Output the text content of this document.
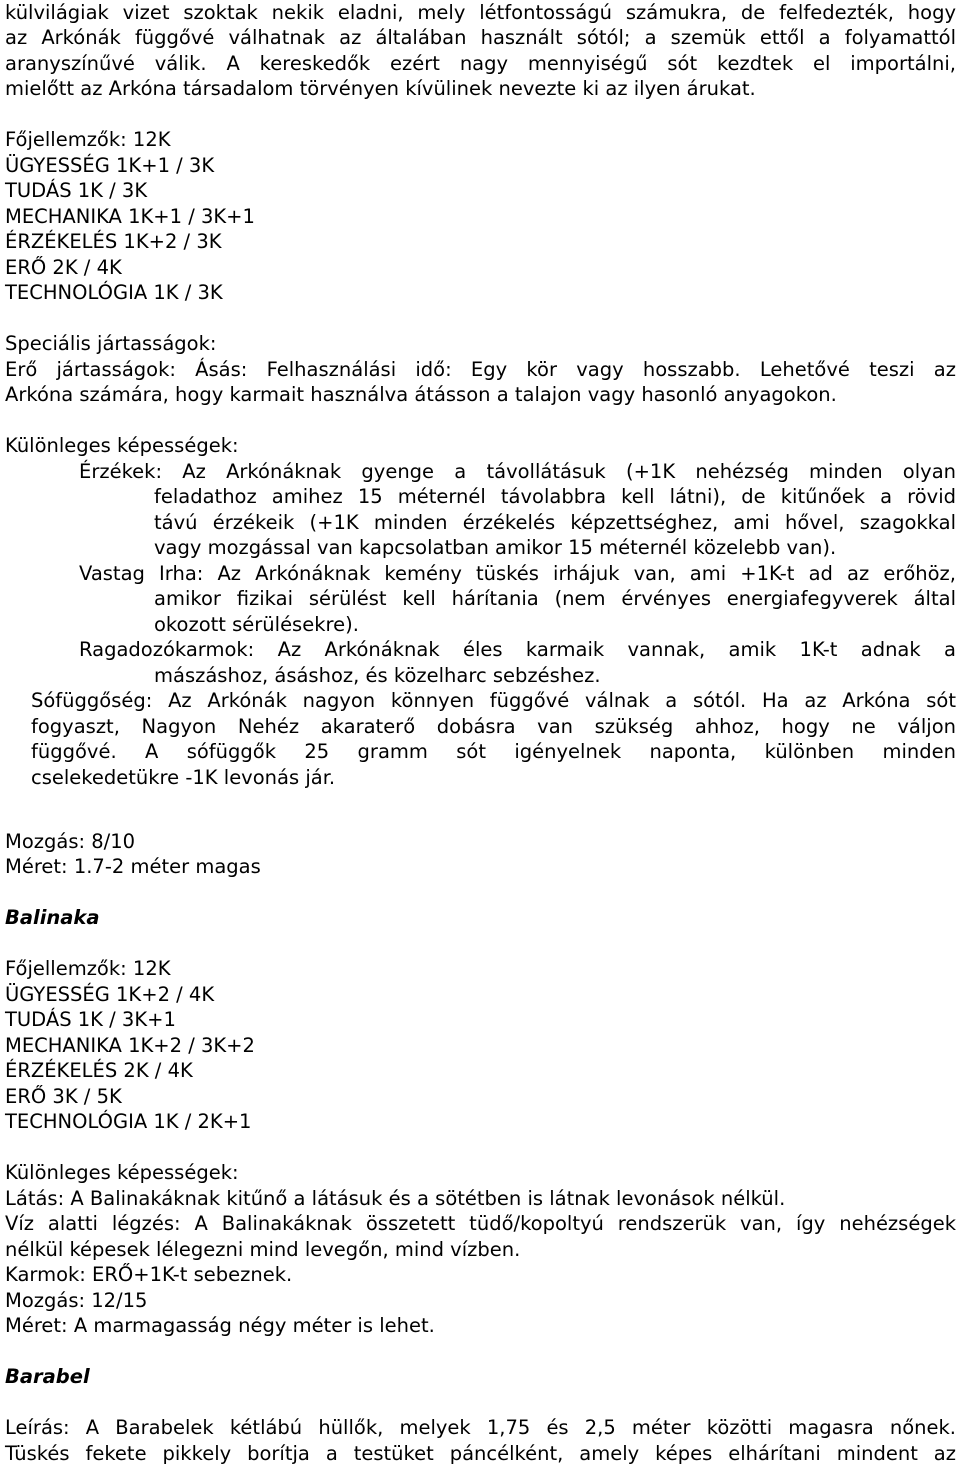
külvilágiak vizet szoktak nekik eladni, mely létfontosságú számukra, de felfedezték, hogy
az Arkónák függővé válhatnak az általában használt sótól; a szemük ettől a folyamattól
aranyszínűvé válik. A kereskedők ezért nagy mennyiségű sót kezdtek el importálni,
mielőtt az Arkóna társadalom törvényen kívülinek nevezte ki az ilyen árukat.
Főjellemzők: 12K
ÜGYESSÉG 1K+1 / 3K
TUDÁS 1K / 3K
MECHANIKA 1K+1 / 3K+1
ÉRZÉKELÉS 1K+2 / 3K
ERŐ 2K / 4K
TECHNOLÓGIA 1K / 3K
Speciális jártasságok:
Erő jártasságok: Ásás: Felhasználási idő: Egy kör vagy hosszabb. Lehetővé teszi az
Arkóna számára, hogy karmait használva átásson a talajon vagy hasonló anyagokon.
Különleges képességek:
Érzékek: Az Arkónáknak gyenge a távollátásuk (+1K nehézség minden olyan
feladathoz amihez 15 méternél távolabbra kell látni), de kitűnőek a rövid
távú érzékeik (+1K minden érzékelés képzettséghez, ami hővel, szagokkal
vagy mozgással van kapcsolatban amikor 15 méternél közelebb van).
Vastag Irha: Az Arkónáknak kemény tüskés irhájuk van, ami +1K-t ad az erőhöz,
amikor fizikai sérülést kell hárítania (nem érvényes energiafegyverek által
okozott sérülésekre).
Ragadozókarmok: Az Arkónáknak éles karmaik vannak, amik 1K-t adnak a
mászáshoz, ásáshoz, és közelharc sebzéshez.
Sófüggőség: Az Arkónák nagyon könnyen függővé válnak a sótól. Ha az Arkóna sót
fogyaszt, Nagyon Nehéz akaraterő dobásra van szükség ahhoz, hogy ne váljon
függővé. A sófüggők 25 gramm sót igényelnek naponta, különben minden
cselekedetükre -1K levonás jár.
Mozgás: 8/10
Méret: 1.7-2 méter magas
Balinaka
Főjellemzők: 12K
ÜGYESSÉG 1K+2 / 4K
TUDÁS 1K / 3K+1
MECHANIKA 1K+2 / 3K+2
ÉRZÉKELÉS 2K / 4K
ERŐ 3K / 5K
TECHNOLÓGIA 1K / 2K+1
Különleges képességek:
Látás: A Balinakáknak kitűnő a látásuk és a sötétben is látnak levonások nélkül.
Víz alatti légzés: A Balinakáknak összetett tüdő/kopoltyú rendszerük van, így nehézségek
nélkül képesek lélegezni mind levegőn, mind vízben.
Karmok: ERŐ+1K-t sebeznek.
Mozgás: 12/15
Méret: A marmagasság négy méter is lehet.
Barabel
Leírás: A Barabelek kétlábú hüllők, melyek 1,75 és 2,5 méter közötti magasra nőnek.
Tüskés fekete pikkely borítja a testüket páncélként, amely képes elhárítani mindent az
